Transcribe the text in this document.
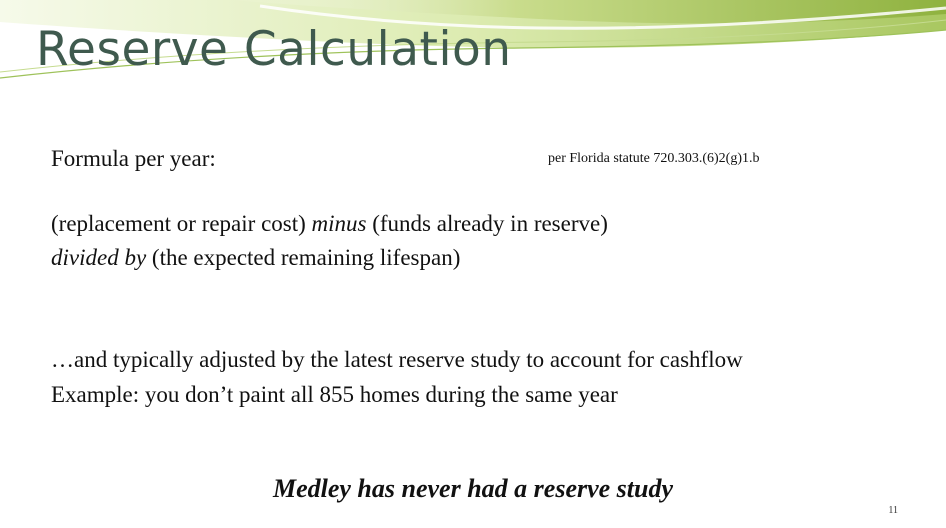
Reserve Calculation

Formula per year:	per Florida statute 720.303.(6)2(g)1.b

(replacement or repair cost) minus (funds already in reserve)

divided by (the expected remaining lifespan)

…and typically adjusted by the latest reserve study to account for cashflow

Example: you don’t paint all 855 homes during the same year

Medley has never had a reserve study

11
